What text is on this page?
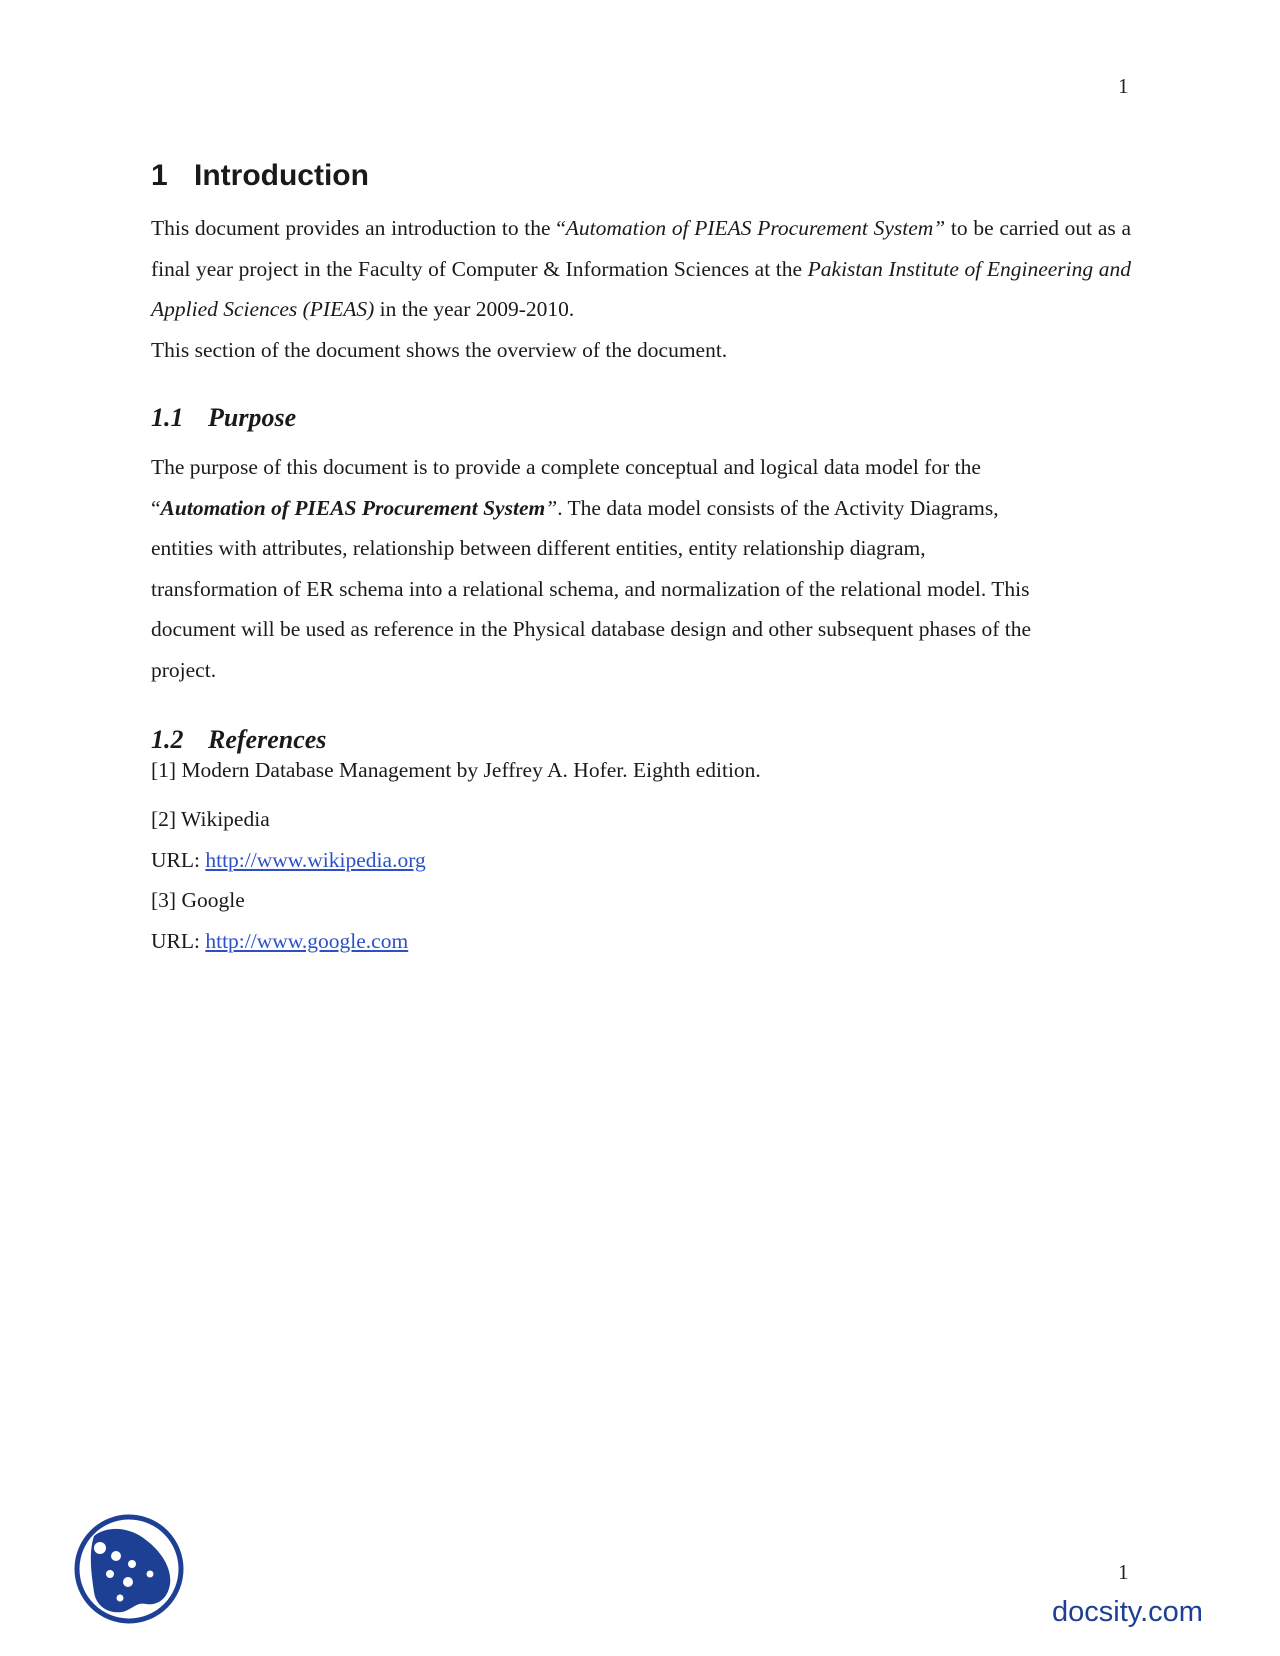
1
1 Introduction

This document provides an introduction to the “Automation of PIEAS Procurement System” to be carried out as a final year project in the Faculty of Computer & Information Sciences at the Pakistan Institute of Engineering and Applied Sciences (PIEAS) in the year 2009-2010.

This section of the document shows the overview of the document.

1.1 Purpose

The purpose of this document is to provide a complete conceptual and logical data model for the

“Automation of PIEAS Procurement System”. The data model consists of the Activity Diagrams,

entities with attributes, relationship between different entities, entity relationship diagram,

transformation of ER schema into a relational schema, and normalization of the relational model. This

document will be used as reference in the Physical database design and other subsequent phases of the

project.

1.2 References

[1] Modern Database Management by Jeffrey A. Hofer. Eighth edition.

[2] Wikipedia

URL: http://www.wikipedia.org

[3] Google

URL: http://www.google.com

1
docsity.com
